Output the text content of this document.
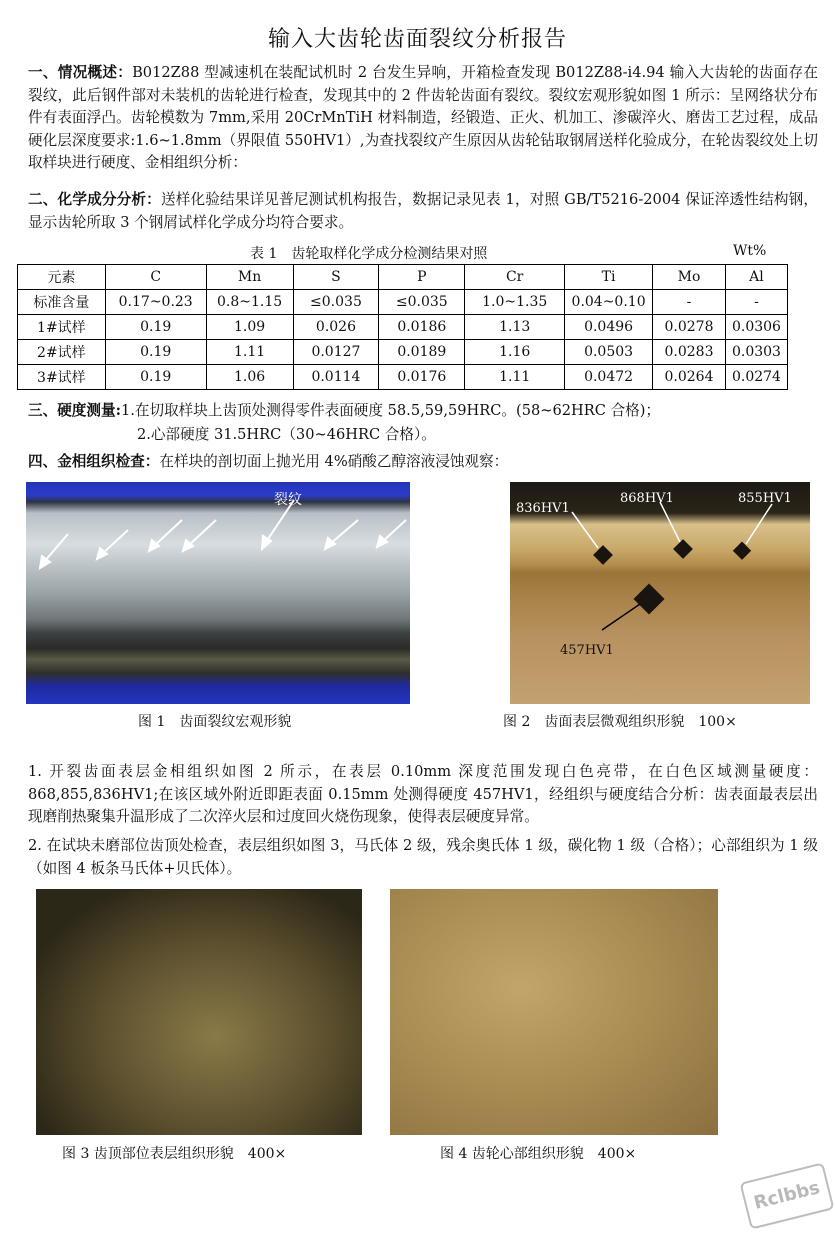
输入大齿轮齿面裂纹分析报告
一、情况概述：B012Z88 型减速机在装配试机时 2 台发生异响，开箱检查发现 B012Z88-i4.94 输入大齿轮的齿面存在裂纹，此后钢件部对未装机的齿轮进行检查，发现其中的 2 件齿轮齿面有裂纹。裂纹宏观形貌如图 1 所示：呈网络状分布件有表面浮凸。齿轮模数为 7mm,采用 20CrMnTiH 材料制造，经锻造、正火、机加工、渗碳淬火、磨齿工艺过程，成品硬化层深度要求:1.6~1.8mm（界限值 550HV1）,为查找裂纹产生原因从齿轮钻取钢屑送样化验成分，在轮齿裂纹处上切取样块进行硬度、金相组织分析：
二、化学成分分析：送样化验结果详见普尼测试机构报告，数据记录见表 1，对照 GB/T5216-2004 保证淬透性结构钢，显示齿轮所取 3 个钢屑试样化学成分均符合要求。
表 1　齿轮取样化学成分检测结果对照	Wt%
元素	C	Mn	S	P	Cr	Ti	Mo	Al
标准含量	0.17~0.23	0.8~1.15	≤0.035	≤0.035	1.0~1.35	0.04~0.10	-	-
1#试样	0.19	1.09	0.026	0.0186	1.13	0.0496	0.0278	0.0306
2#试样	0.19	1.11	0.0127	0.0189	1.16	0.0503	0.0283	0.0303
3#试样	0.19	1.06	0.0114	0.0176	1.11	0.0472	0.0264	0.0274
三、硬度测量:1.在切取样块上齿顶处测得零件表面硬度 58.5,59,59HRC。(58~62HRC 合格)；
2.心部硬度 31.5HRC（30~46HRC 合格）。
四、金相组织检查：在样块的剖切面上抛光用 4%硝酸乙醇溶液浸蚀观察：
裂纹
图 1　齿面裂纹宏观形貌
836HV1
868HV1	855HV1
457HV1
图 2　齿面表层微观组织形貌　100×
1. 开裂齿面表层金相组织如图 2 所示，在表层 0.10mm 深度范围发现白色亮带，在白色区域测量硬度：868,855,836HV1;在该区域外附近即距表面 0.15mm 处测得硬度 457HV1，经组织与硬度结合分析：齿表面最表层出现磨削热聚集升温形成了二次淬火层和过度回火烧伤现象，使得表层硬度异常。
2. 在试块未磨部位齿顶处检查，表层组织如图 3，马氏体 2 级，残余奥氏体 1 级，碳化物 1 级（合格）；心部组织为 1 级（如图 4 板条马氏体+贝氏体）。
图 3 齿顶部位表层组织形貌　400×	图 4 齿轮心部组织形貌　400×
Rclbbs
